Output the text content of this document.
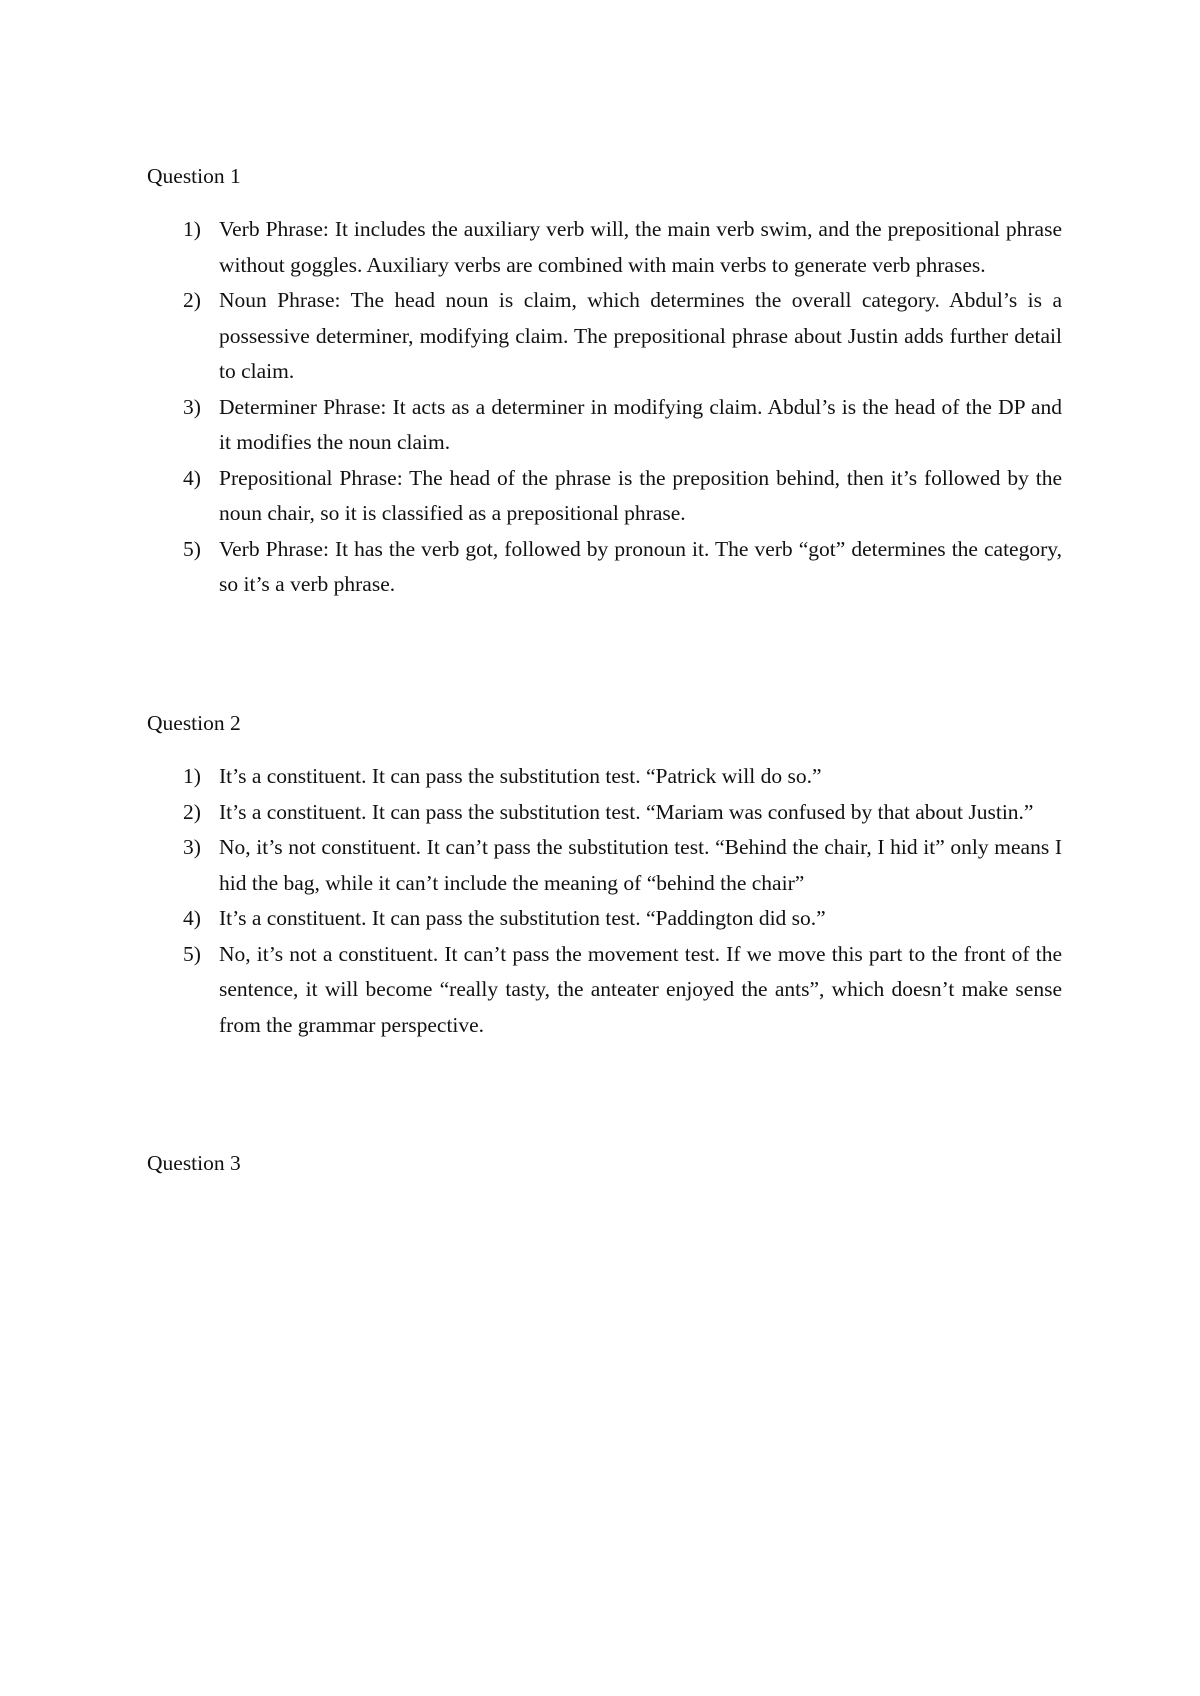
Question 1
1) Verb Phrase: It includes the auxiliary verb will, the main verb swim, and the prepositional phrase without goggles. Auxiliary verbs are combined with main verbs to generate verb phrases.
2) Noun Phrase: The head noun is claim, which determines the overall category. Abdul’s is a possessive determiner, modifying claim. The prepositional phrase about Justin adds further detail to claim.
3) Determiner Phrase: It acts as a determiner in modifying claim. Abdul’s is the head of the DP and it modifies the noun claim.
4) Prepositional Phrase: The head of the phrase is the preposition behind, then it’s followed by the noun chair, so it is classified as a prepositional phrase.
5) Verb Phrase: It has the verb got, followed by pronoun it. The verb “got” determines the category, so it’s a verb phrase.
Question 2
1) It’s a constituent. It can pass the substitution test. “Patrick will do so.”
2) It’s a constituent. It can pass the substitution test. “Mariam was confused by that about Justin.”
3) No, it’s not constituent. It can’t pass the substitution test. “Behind the chair, I hid it” only means I hid the bag, while it can’t include the meaning of “behind the chair”
4) It’s a constituent. It can pass the substitution test. “Paddington did so.”
5) No, it’s not a constituent. It can’t pass the movement test. If we move this part to the front of the sentence, it will become “really tasty, the anteater enjoyed the ants”, which doesn’t make sense from the grammar perspective.
Question 3
